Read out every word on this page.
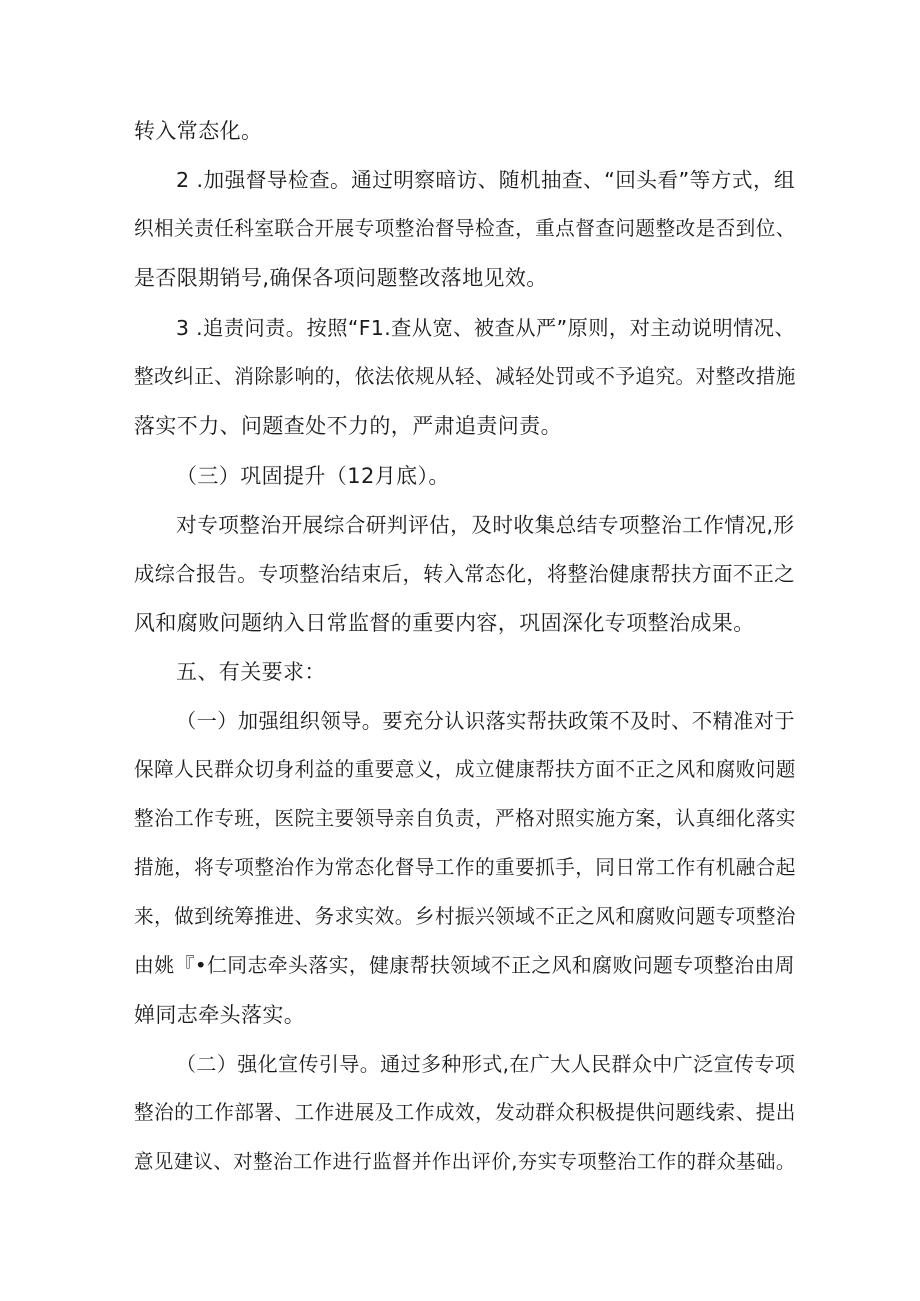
转入常态化。
2 .加强督导检查。通过明察暗访、随机抽查、“回头看”等方式，组
织相关责任科室联合开展专项整治督导检查，重点督查问题整改是否到位、
是否限期销号,确保各项问题整改落地见效。
3 .追责问责。按照“F1.查从宽、被查从严”原则，对主动说明情况、
整改纠正、消除影响的，依法依规从轻、减轻处罚或不予追究。对整改措施
落实不力、问题查处不力的，严肃追责问责。
（三）巩固提升（12月底）。
对专项整治开展综合研判评估，及时收集总结专项整治工作情况,形
成综合报告。专项整治结束后，转入常态化，将整治健康帮扶方面不正之
风和腐败问题纳入日常监督的重要内容，巩固深化专项整治成果。
五、有关要求：
（一）加强组织领导。要充分认识落实帮扶政策不及时、不精准对于
保障人民群众切身利益的重要意义，成立健康帮扶方面不正之风和腐败问题
整治工作专班，医院主要领导亲自负责，严格对照实施方案，认真细化落实
措施，将专项整治作为常态化督导工作的重要抓手，同日常工作有机融合起
来，做到统筹推进、务求实效。乡村振兴领域不正之风和腐败问题专项整治
由姚『•仁同志牵头落实，健康帮扶领域不正之风和腐败问题专项整治由周
婵同志牵头落实。
（二）强化宣传引导。通过多种形式,在广大人民群众中广泛宣传专项
整治的工作部署、工作进展及工作成效，发动群众积极提供问题线索、提出
意见建议、对整治工作进行监督并作出评价,夯实专项整治工作的群众基础。
